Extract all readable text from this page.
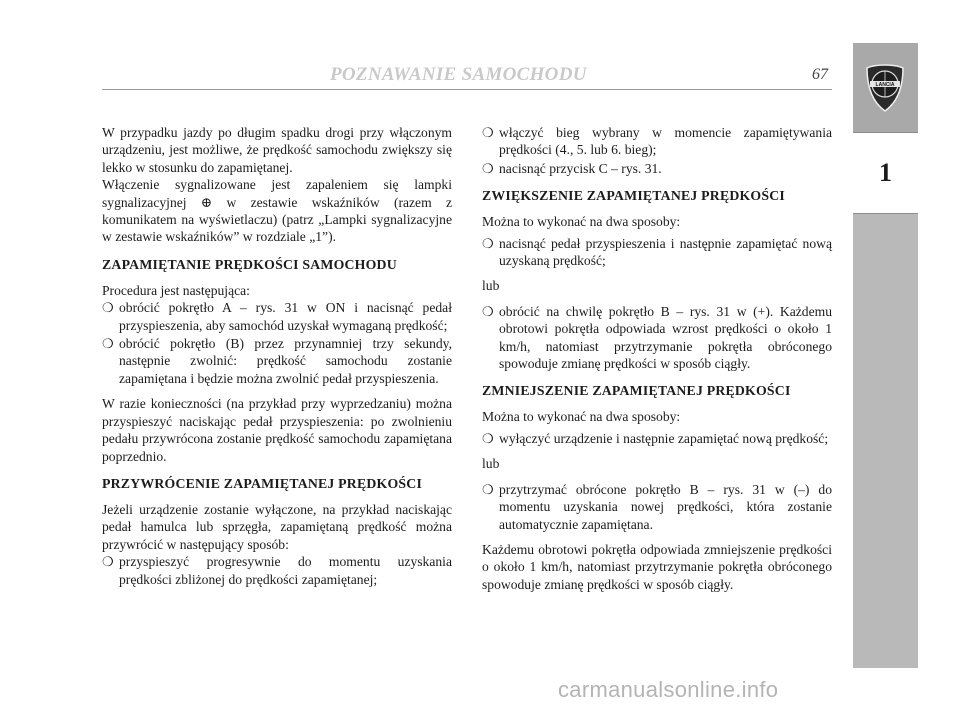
POZNAWANIE SAMOCHODU	67
LANCIA
1

W przypadku jazdy po długim spadku drogi przy włączonym urządzeniu, jest możliwe, że prędkość samochodu zwiększy się lekko w stosunku do zapamiętanej.

Włączenie sygnalizowane jest zapaleniem się lampki sygnalizacyjnej ⊕ w zestawie wskaźników (razem z komunikatem na wyświetlaczu) (patrz „Lampki sygnalizacyjne w zestawie wskaźników” w rozdziale „1”).

ZAPAMIĘTANIE PRĘDKOŚCI SAMOCHODU

Procedura jest następująca:

❍ obrócić pokrętło A – rys. 31 w ON i nacisnąć pedał przyspieszenia, aby samochód uzyskał wymaganą prędkość;
❍ obrócić pokrętło (B) przez przynamniej trzy sekundy, następnie zwolnić: prędkość samochodu zostanie zapamiętana i będzie można zwolnić pedał przyspieszenia.

W razie konieczności (na przykład przy wyprzedzaniu) można przyspieszyć naciskając pedał przyspieszenia: po zwolnieniu pedału przywrócona zostanie prędkość samochodu zapamiętana poprzednio.

PRZYWRÓCENIE ZAPAMIĘTANEJ PRĘDKOŚCI

Jeżeli urządzenie zostanie wyłączone, na przykład naciskając pedał hamulca lub sprzęgła, zapamiętaną prędkość można przywrócić w następujący sposób:

❍ przyspieszyć progresywnie do momentu uzyskania prędkości zbliżonej do prędkości zapamiętanej;
❍ włączyć bieg wybrany w momencie zapamiętywania prędkości (4., 5. lub 6. bieg);
❍ nacisnąć przycisk C – rys. 31.
ZWIĘKSZENIE ZAPAMIĘTANEJ PRĘDKOŚCI

Można to wykonać na dwa sposoby:

❍ nacisnąć pedał przyspieszenia i następnie zapamiętać nową uzyskaną prędkość;

lub

❍ obrócić na chwilę pokrętło B – rys. 31 w (+). Każdemu obrotowi pokrętła odpowiada wzrost prędkości o około 1 km/h, natomiast przytrzymanie pokrętła obróconego spowoduje zmianę prędkości w sposób ciągły.
ZMNIEJSZENIE ZAPAMIĘTANEJ PRĘDKOŚCI

Można to wykonać na dwa sposoby:

❍ wyłączyć urządzenie i następnie zapamiętać nową prędkość;

lub

❍ przytrzymać obrócone pokrętło B – rys. 31 w (–) do momentu uzyskania nowej prędkości, która zostanie automatycznie zapamiętana.

Każdemu obrotowi pokrętła odpowiada zmniejszenie prędkości o około 1 km/h, natomiast przytrzymanie pokrętła obróconego spowoduje zmianę prędkości w sposób ciągły.

carmanualsonline.info
